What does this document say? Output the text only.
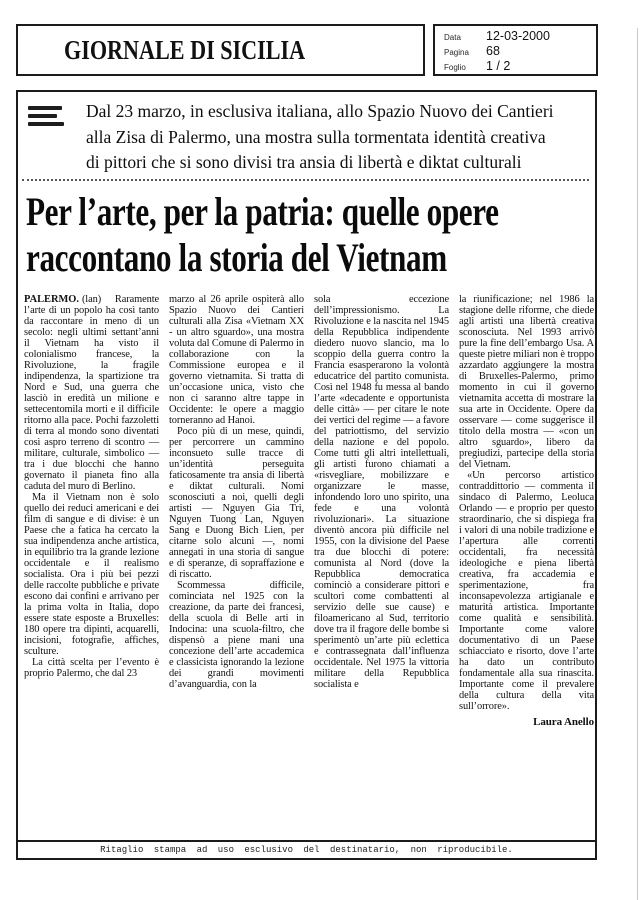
GIORNALE DI SICILIA	Data	12-03-2000
Pagina	68
Foglio	1 / 2
Dal 23 marzo, in esclusiva italiana, allo Spazio Nuovo dei Cantieri
alla Zisa di Palermo, una mostra sulla tormentata identità creativa
di pittori che si sono divisi tra ansia di libertà e diktat culturali
Per l’arte, per la patria: quelle opere
raccontano la storia del Vietnam

PALERMO. (lan) Raramente l’arte di un popolo ha così tanto da raccontare in meno di un secolo: negli ultimi settant’anni il Vietnam ha visto il colonialismo francese, la Rivoluzione, la fragile indipendenza, la spartizione tra Nord e Sud, una guerra che lasciò in eredità un milione e settecentomila morti e il difficile ritorno alla pace. Pochi fazzoletti di terra al mondo sono diventati così aspro terreno di scontro — militare, culturale, simbolico — tra i due blocchi che hanno governato il pianeta fino alla caduta del muro di Berlino.

Ma il Vietnam non è solo quello dei reduci americani e dei film di sangue e di divise: è un Paese che a fatica ha cercato la sua indipendenza anche artistica, in equilibrio tra la grande lezione occidentale e il realismo socialista. Ora i più bei pezzi delle raccolte pubbliche e private escono dai confini e arrivano per la prima volta in Italia, dopo essere state esposte a Bruxelles: 180 opere tra dipinti, acquarelli, incisioni, fotografie, affiches, sculture.

La città scelta per l’evento è proprio Palermo, che dal 23

marzo al 26 aprile ospiterà allo Spazio Nuovo dei Cantieri culturali alla Zisa «Vietnam XX - un altro sguardo», una mostra voluta dal Comune di Palermo in collaborazione con la Commissione europea e il governo vietnamita. Si tratta di un’occasione unica, visto che non ci saranno altre tappe in Occidente: le opere a maggio torneranno ad Hanoi.

Poco più di un mese, quindi, per percorrere un cammino inconsueto sulle tracce di un’identità perseguita faticosamente tra ansia di libertà e diktat culturali. Nomi sconosciuti a noi, quelli degli artisti — Nguyen Gia Tri, Nguyen Tuong Lan, Nguyen Sang e Duong Bich Lien, per citarne solo alcuni —, nomi annegati in una storia di sangue e di speranze, di sopraffazione e di riscatto.

Scommessa difficile, cominciata nel 1925 con la creazione, da parte dei francesi, della scuola di Belle arti in Indocina: una scuola-filtro, che dispensò a piene mani una concezione dell’arte accademica e classicista ignorando la lezione dei grandi movimenti d’avanguardia, con la

sola eccezione dell’impressionismo. La Rivoluzione e la nascita nel 1945 della Repubblica indipendente diedero nuovo slancio, ma lo scoppio della guerra contro la Francia esasperarono la volontà educatrice del partito comunista. Così nel 1948 fu messa al bando l’arte «decadente e opportunista delle città» — per citare le note dei vertici del regime — a favore del patriottismo, del servizio della nazione e del popolo. Come tutti gli altri intellettuali, gli artisti furono chiamati a «risvegliare, mobilizzare e organizzare le masse, infondendo loro uno spirito, una fede e una volontà rivoluzionari». La situazione diventò ancora più difficile nel 1955, con la divisione del Paese tra due blocchi di potere: comunista al Nord (dove la Repubblica democratica cominciò a considerare pittori e scultori come combattenti al servizio delle sue cause) e filoamericano al Sud, territorio dove tra il fragore delle bombe si sperimentò un’arte più eclettica e contrassegnata dall’influenza occidentale. Nel 1975 la vittoria militare della Repubblica socialista e

la riunificazione; nel 1986 la stagione delle riforme, che diede agli artisti una libertà creativa sconosciuta. Nel 1993 arrivò pure la fine dell’embargo Usa. A queste pietre miliari non è troppo azzardato aggiungere la mostra di Bruxelles-Palermo, primo momento in cui il governo vietnamita accetta di mostrare la sua arte in Occidente. Opere da osservare — come suggerisce il titolo della mostra — «con un altro sguardo», libero da pregiudizi, partecipe della storia del Vietnam.

«Un percorso artistico contraddittorio — commenta il sindaco di Palermo, Leoluca Orlando — e proprio per questo straordinario, che si dispiega fra i valori di una nobile tradizione e l’apertura alle correnti occidentali, fra necessità ideologiche e piena libertà creativa, fra accademia e sperimentazione, fra inconsapevolezza artigianale e maturità artistica. Importante come qualità e sensibilità. Importante come valore documentativo di un Paese schiacciato e risorto, dove l’arte ha dato un contributo fondamentale alla sua rinascita. Importante come il prevalere della cultura della vita sull’orrore».

Laura Anello

Ritaglio stampa ad uso esclusivo del destinatario, non riproducibile.
